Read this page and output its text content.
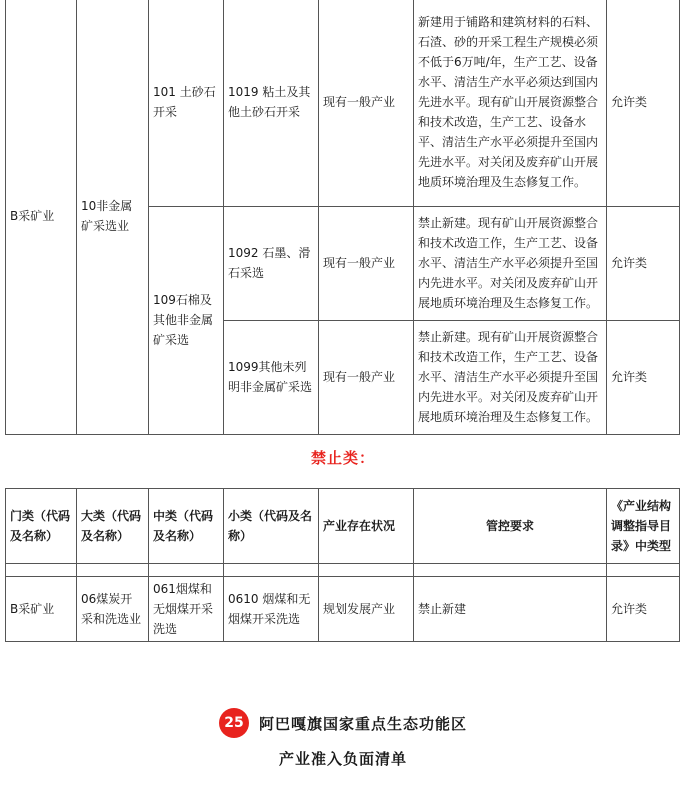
B采矿业	10非金属矿采选业	101 土砂石开采	1019 粘土及其他土砂石开采	现有一般产业	新建用于铺路和建筑材料的石料、石渣、砂的开采工程生产规模必须不低于6万吨/年，生产工艺、设备水平、清洁生产水平必须达到国内先进水平。现有矿山开展资源整合和技术改造，生产工艺、设备水平、清洁生产水平必须提升至国内先进水平。对关闭及废弃矿山开展地质环境治理及生态修复工作。	允许类
		109石棉及其他非金属矿采选	1092 石墨、滑石采选	现有一般产业	禁止新建。现有矿山开展资源整合和技术改造工作，生产工艺、设备水平、清洁生产水平必须提升至国内先进水平。对关闭及废弃矿山开展地质环境治理及生态修复工作。	允许类
			1099其他未列明非金属矿采选	现有一般产业	禁止新建。现有矿山开展资源整合和技术改造工作，生产工艺、设备水平、清洁生产水平必须提升至国内先进水平。对关闭及废弃矿山开展地质环境治理及生态修复工作。	允许类
禁止类：
门类（代码及名称）	大类（代码及名称）	中类（代码及名称）	小类（代码及名称）	产业存在状况	管控要求	《产业结构调整指导目录》中类型

B采矿业	06煤炭开采和洗选业	061烟煤和无烟煤开采洗选	0610 烟煤和无烟煤开采洗选	规划发展产业	禁止新建	允许类
25	阿巴嘎旗国家重点生态功能区
产业准入负面清单
